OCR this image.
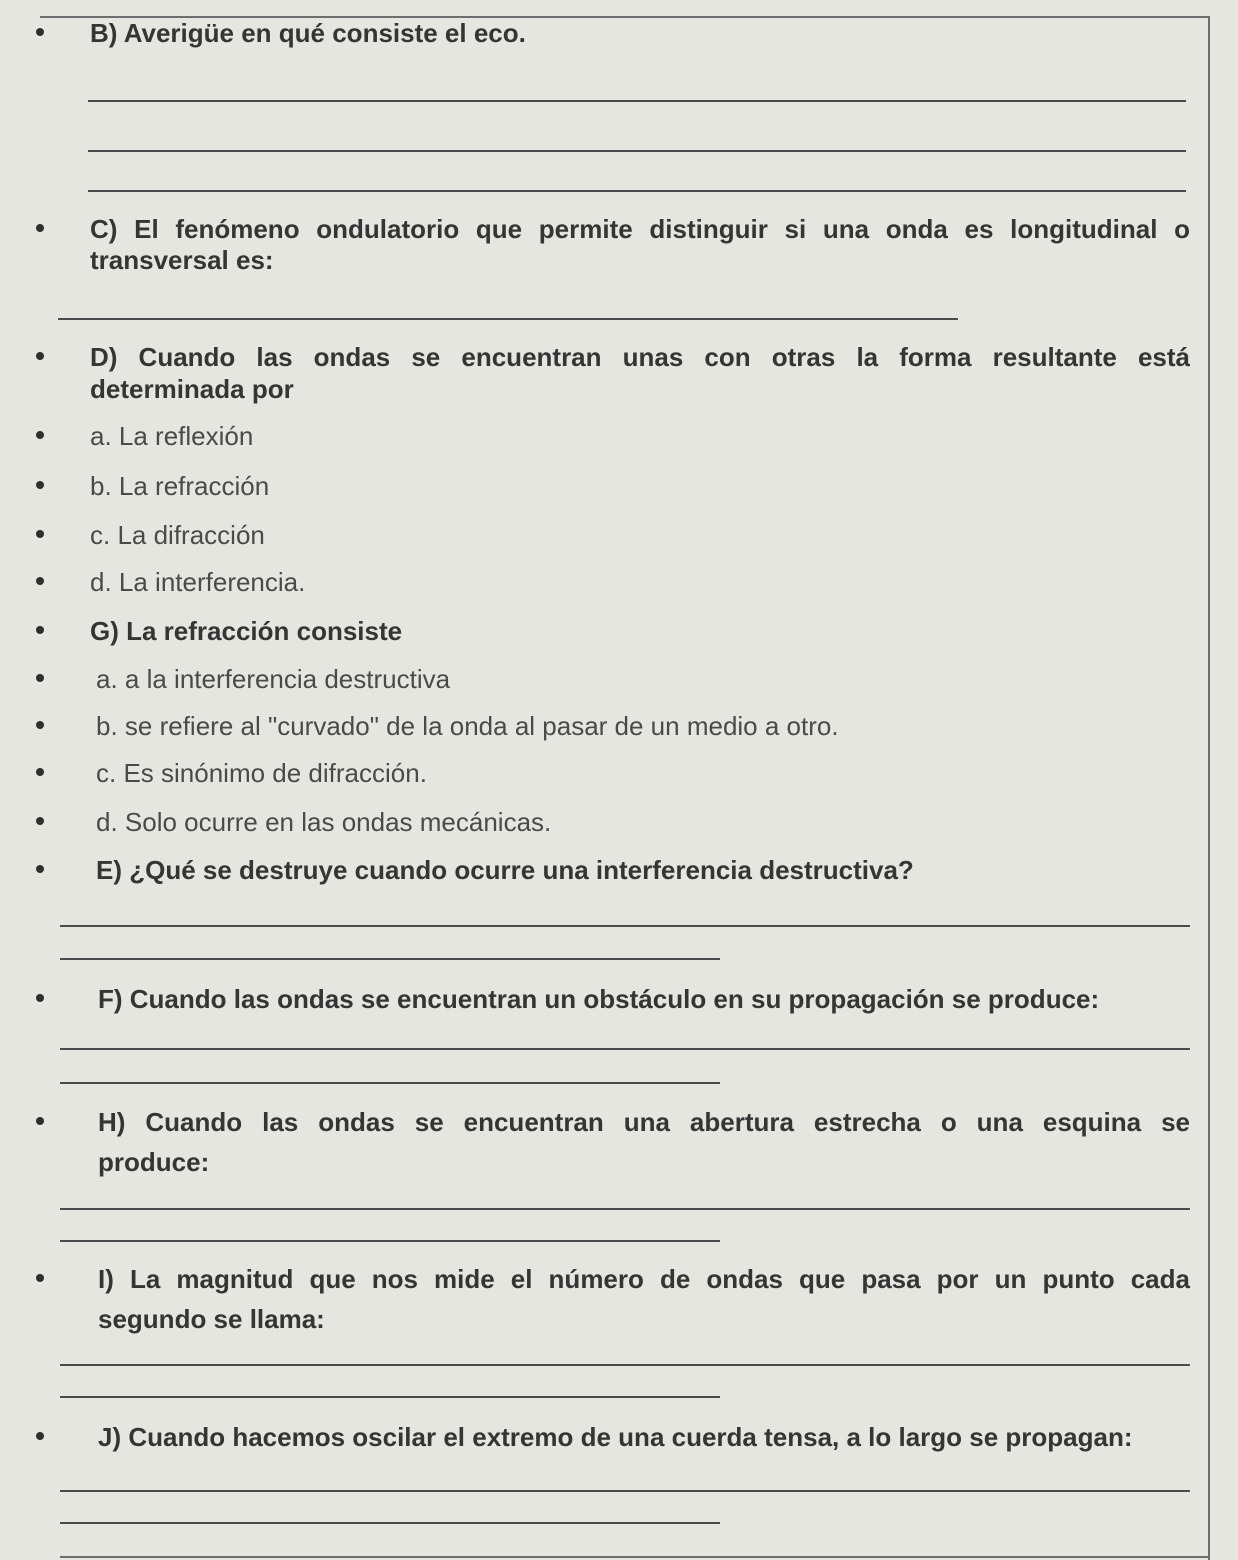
B) Averigüe en qué consiste el eco.
C) El fenómeno ondulatorio que permite distinguir si una onda es longitudinal o
transversal es:
D) Cuando las ondas se encuentran unas con otras la forma resultante está
determinada por
a. La reflexión
b. La refracción
c. La difracción
d. La interferencia.
G) La refracción consiste
a. a la interferencia destructiva
b. se refiere al "curvado" de la onda al pasar de un medio a otro.
c. Es sinónimo de difracción.
d. Solo ocurre en las ondas mecánicas.
E) ¿Qué se destruye cuando ocurre una interferencia destructiva?
F) Cuando las ondas se encuentran un obstáculo en su propagación se produce:
H) Cuando las ondas se encuentran una abertura estrecha o una esquina se
produce:
I) La magnitud que nos mide el número de ondas que pasa por un punto cada
segundo se llama:
J) Cuando hacemos oscilar el extremo de una cuerda tensa, a lo largo se propagan:
